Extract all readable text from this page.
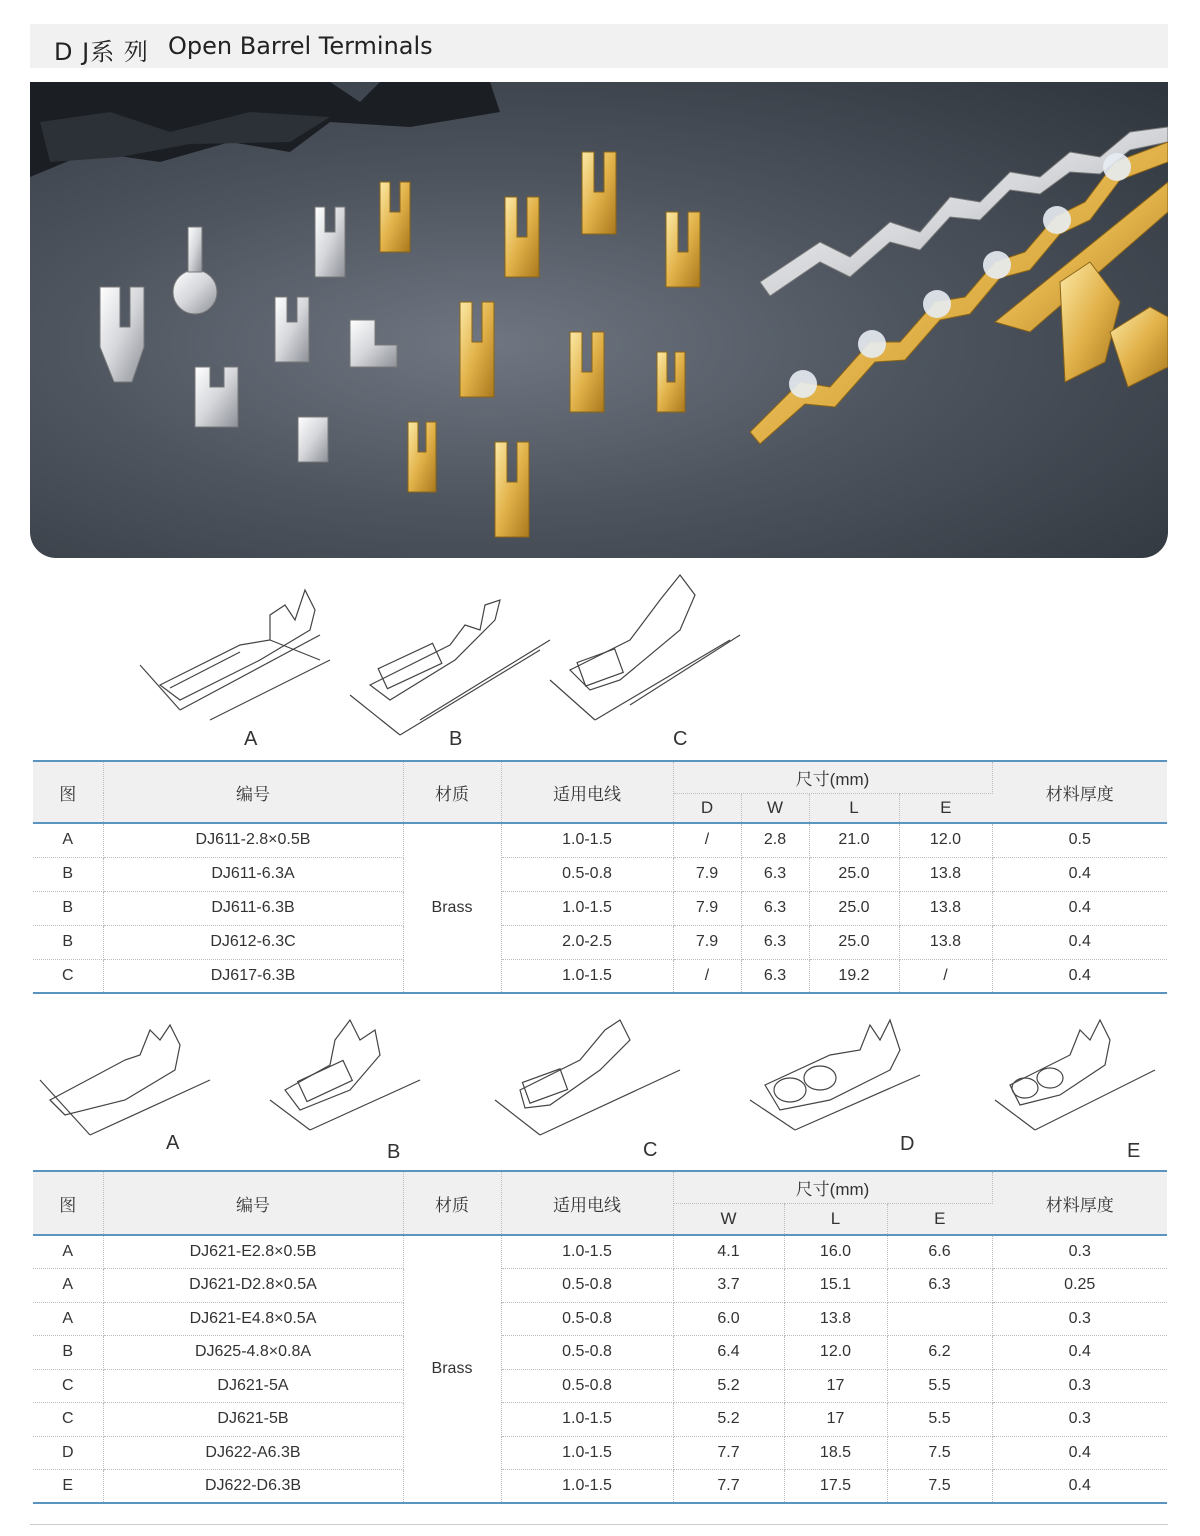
D J系 列 Open Barrel Terminals
A	B	C
图	编号	材质	适用电线	尺寸(mm)				材料厚度
				D	W	L	E	
A	DJ611-2.8×0.5B	Brass	1.0-1.5	/	2.8	21.0	12.0	0.5
B	DJ611-6.3A		0.5-0.8	7.9	6.3	25.0	13.8	0.4
B	DJ611-6.3B		1.0-1.5	7.9	6.3	25.0	13.8	0.4
B	DJ612-6.3C		2.0-2.5	7.9	6.3	25.0	13.8	0.4
C	DJ617-6.3B		1.0-1.5	/	6.3	19.2	/	0.4
A	B	C	D	E
图	编号	材质	适用电线	尺寸(mm)			材料厚度
				W	L	E	
A	DJ621-E2.8×0.5B	Brass	1.0-1.5	4.1	16.0	6.6	0.3
A	DJ621-D2.8×0.5A		0.5-0.8	3.7	15.1	6.3	0.25
A	DJ621-E4.8×0.5A		0.5-0.8	6.0	13.8		0.3
B	DJ625-4.8×0.8A		0.5-0.8	6.4	12.0	6.2	0.4
C	DJ621-5A		0.5-0.8	5.2	17	5.5	0.3
C	DJ621-5B		1.0-1.5	5.2	17	5.5	0.3
D	DJ622-A6.3B		1.0-1.5	7.7	18.5	7.5	0.4
E	DJ622-D6.3B		1.0-1.5	7.7	17.5	7.5	0.4
